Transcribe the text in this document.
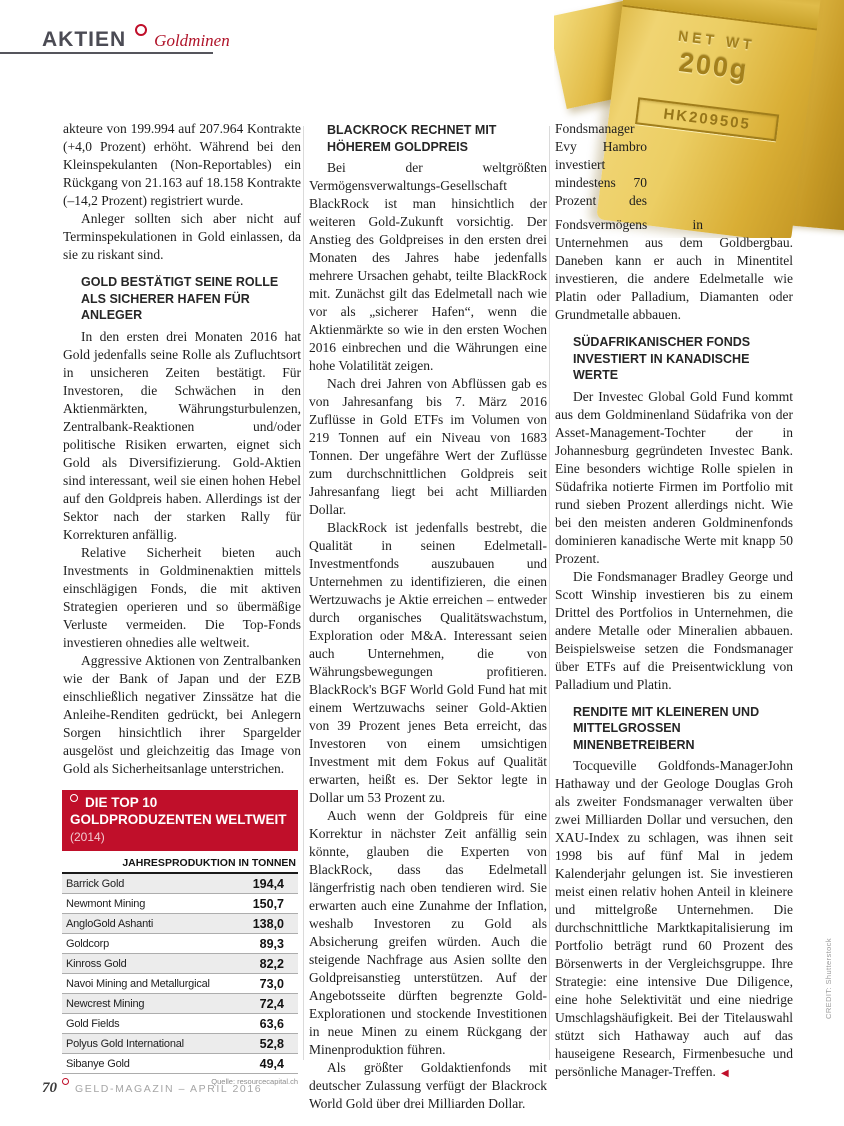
AKTIEN Goldminen	NET WT
200g
HK209505

akteure von 199.994 auf 207.964 Kontrakte (+4,0 Prozent) erhöht. Während bei den Kleinspekulanten (Non-Reportables) ein Rückgang von 21.163 auf 18.158 Kontrakte (–14,2 Prozent) registriert wurde.

Anleger sollten sich aber nicht auf Terminspekulationen in Gold einlassen, da sie zu riskant sind.

GOLD BESTÄTIGT SEINE ROLLE ALS SICHERER HAFEN FÜR ANLEGER

In den ersten drei Monaten 2016 hat Gold jedenfalls seine Rolle als Zufluchtsort in unsicheren Zeiten bestätigt. Für Investoren, die Schwächen in den Aktienmärkten, Währungsturbulenzen, Zentralbank-Reaktionen und/oder politische Risiken erwarten, eignet sich Gold als Diversifizierung. Gold-Aktien sind interessant, weil sie einen hohen Hebel auf den Goldpreis haben. Allerdings ist der Sektor nach der starken Rally für Korrekturen anfällig.

Relative Sicherheit bieten auch Investments in Goldminenaktien mittels einschlägigen Fonds, die mit aktiven Strategien operieren und so übermäßige Verluste vermeiden. Die Top-Fonds investieren ohnedies alle weltweit.

Aggressive Aktionen von Zentralbanken wie der Bank of Japan und der EZB einschließlich negativer Zinssätze hat die Anleihe-Renditen gedrückt, bei Anlegern Sorgen hinsichtlich ihrer Spargelder ausgelöst und gleichzeitig das Image von Gold als Sicherheitsanlage unterstrichen.

BLACKROCK RECHNET MIT HÖHEREM GOLDPREIS

Bei der weltgrößten Vermögensverwaltungs-Gesellschaft BlackRock ist man hinsichtlich der weiteren Gold-Zukunft vorsichtig. Der Anstieg des Goldpreises in den ersten drei Monaten des Jahres habe jedenfalls mehrere Ursachen gehabt, teilte BlackRock mit. Zunächst gilt das Edelmetall nach wie vor als „sicherer Hafen“, wenn die Aktienmärkte so wie in den ersten Wochen 2016 einbrechen und die Währungen eine hohe Volatilität zeigen.

Nach drei Jahren von Abflüssen gab es von Jahresanfang bis 7. März 2016 Zuflüsse in Gold ETFs im Volumen von 219 Tonnen auf ein Niveau von 1683 Tonnen. Der ungefähre Wert der Zuflüsse zum durchschnittlichen Goldpreis seit Jahresanfang liegt bei acht Milliarden Dollar.

BlackRock ist jedenfalls bestrebt, die Qualität in seinen Edelmetall-Investmentfonds auszubauen und Unternehmen zu identifizieren, die einen Wertzuwachs je Aktie erreichen – entweder durch organisches Qualitätswachstum, Exploration oder M&A. Interessant seien auch Unternehmen, die von Währungsbewegungen profitieren. BlackRock's BGF World Gold Fund hat mit einem Wertzuwachs seiner Gold-Aktien von 39 Prozent jenes Beta erreicht, das Investoren von einem umsichtigen Investment mit dem Fokus auf Qualität erwarten, heißt es. Der Sektor legte in Dollar um 53 Prozent zu.

Auch wenn der Goldpreis für eine Korrektur in nächster Zeit anfällig sein könnte, glauben die Experten von BlackRock, dass das Edelmetall längerfristig nach oben tendieren wird. Sie erwarten auch eine Zunahme der Inflation, weshalb Investoren zu Gold als Absicherung greifen würden. Auch die steigende Nachfrage aus Asien sollte den Goldpreisanstieg unterstützen. Auf der Angebotsseite dürften begrenzte Gold-Explorationen und stockende Investitionen in neue Minen zu einem Rückgang der Minenproduktion führen.

Als größter Goldaktienfonds mit deutscher Zulassung verfügt der Blackrock World Gold über drei Milliarden Dollar.

Fondsmanager Evy Hambro investiert mindestens 70 Prozent des Fondsvermögens in Unternehmen aus dem Goldbergbau. Daneben kann er auch in Minentitel investieren, die andere Edelmetalle wie Platin oder Palladium, Diamanten oder Grundmetalle abbauen.

SÜDAFRIKANISCHER FONDS INVESTIERT IN KANADISCHE WERTE

Der Investec Global Gold Fund kommt aus dem Goldminenland Südafrika von der Asset-Management-Tochter der in Johannesburg gegründeten Investec Bank. Eine besonders wichtige Rolle spielen in Südafrika notierte Firmen im Portfolio mit rund sieben Prozent allerdings nicht. Wie bei den meisten anderen Goldminenfonds dominieren kanadische Werte mit knapp 50 Prozent.

Die Fondsmanager Bradley George und Scott Winship investieren bis zu einem Drittel des Portfolios in Unternehmen, die andere Metalle oder Mineralien abbauen. Beispielsweise setzen die Fondsmanager über ETFs auf die Preisentwicklung von Palladium und Platin.

RENDITE MIT KLEINEREN UND MITTELGROSSEN MINENBETREIBERN

Tocqueville Goldfonds-ManagerJohn Hathaway und der Geologe Douglas Groh als zweiter Fondsmanager verwalten über zwei Milliarden Dollar und versuchen, den XAU-Index zu schlagen, was ihnen seit 1998 bis auf fünf Mal in jedem Kalenderjahr gelungen ist. Sie investieren meist einen relativ hohen Anteil in kleinere und mittelgroße Unternehmen. Die durchschnittliche Marktkapitalisierung im Portfolio beträgt rund 60 Prozent des Börsenwerts in der Vergleichsgruppe. Ihre Strategie: eine intensive Due Diligence, eine hohe Selektivität und eine niedrige Umschlagshäufigkeit. Bei der Titelauswahl stützt sich Hathaway auch auf das hauseigene Research, Firmenbesuche und persönliche Manager-Treffen. ◀

DIE TOP 10 GOLDPRODUZENTEN WELTWEIT (2014)
JAHRESPRODUKTION IN TONNEN
Barrick Gold	194,4
Newmont Mining	150,7
AngloGold Ashanti	138,0
Goldcorp	89,3
Kinross Gold	82,2
Navoi Mining and Metallurgical	73,0
Newcrest Mining	72,4
Gold Fields	63,6
Polyus Gold International	52,8
Sibanye Gold	49,4
Quelle: resourcecapital.ch
70 GELD-MAGAZIN – APRIL 2016
CREDIT: Shutterstock
